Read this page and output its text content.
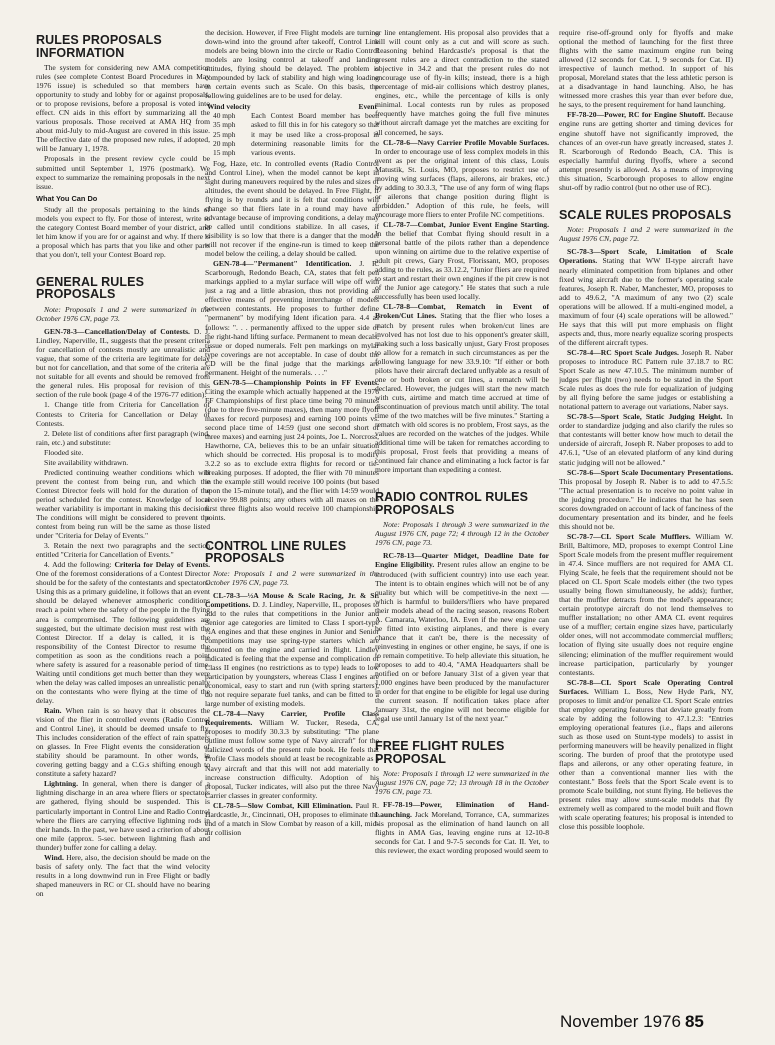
RULES PROPOSALS INFORMATION

The system for considering new AMA competition rules (see complete Contest Board Procedures in May 1976 issue) is scheduled so that members have opportunity to study and lobby for or against proposals, or to propose revisions, before a proposal is voted into effect. CN aids in this effort by summarizing all the various proposals. Those received at AMA HQ from about mid-July to mid-August are covered in this issue. The effective date of the proposed new rules, if adopted, will be January 1, 1978.

Proposals in the present review cycle could be submitted until September 1, 1976 (postmark). We expect to summarize the remaining proposals in the next issue.

What You Can Do

Study all the proposals pertaining to the kinds of models you expect to fly. For those of interest, write to the category Contest Board member of your district, and let him know if you are for or against and why. If there is a proposal which has parts that you like and other parts that you don't, tell your Contest Board rep.

GENERAL RULES PROPOSALS

Note: Proposals 1 and 2 were summarized in the October 1976 CN, page 73.

GEN-78-3—Cancellation/Delay of Contests. D. J. Lindley, Naperville, IL, suggests that the present criteria for cancellation of contests mostly are unrealistic and vague, that some of the criteria are legitimate for delay but not for cancellation, and that some of the criteria are not suitable for all events and should be removed from the general rules. His proposal for revision of this section of the rule book (page 4 of the 1976-77 edition):

1. Change title from Criteria for Cancellation of Contests to Criteria for Cancellation or Delay of Contests.

2. Delete list of conditions after first paragraph (wind, rain, etc.) and substitute:

Flooded site.

Site availability withdrawn.

Predicted continuing weather conditions which will prevent the contest from being run, and which the Contest Director feels will hold for the duration of the period scheduled for the contest. Knowledge of local weather variability is important in making this decision. The conditions will might be considered to prevent the contest from being run will be the same as those listed under "Criteria for Delay of Events."

3. Retain the next two paragraphs and the section entitled "Criteria for Cancellation of Events."

4. Add the following: Criteria for Delay of Events. One of the foremost considerations of a Contest Director should be for the safety of the contestants and spectators. Using this as a primary guideline, it follows that an event should be delayed whenever atmospheric conditions reach a point where the safety of the people in the flying area is compromised. The following guidelines are suggested, but the ultimate decision must rest with the Contest Director. If a delay is called, it is the responsibility of the Contest Director to resume the competition as soon as the conditions reach a point where safety is assured for a reasonable period of time. Waiting until conditions get much better than they were when the delay was called imposes an unrealistic penalty on the contestants who were flying at the time of the delay.

Rain. When rain is so heavy that it obscures the vision of the flier in controlled events (Radio Control and Control Line), it should be deemed unsafe to fly. This includes consideration of the effect of rain spatters on glasses. In Free Flight events the consideration of stability should be paramount. In other words, in covering getting baggy and a C.G.s shifting enough to constitute a safety hazard?

Lightning. In general, when there is danger of a lightning discharge in an area where fliers or spectators are gathered, flying should be suspended. This is particularly important in Control Line and Radio Control where the fliers are carrying effective lightning rods in their hands. In the past, we have used a criterion of about one mile (approx. 5-sec. between lightning flash and thunder) buffer zone for calling a delay.

Wind. Here, also, the decision should be made on the basis of safety only. The fact that the wind velocity results in a long downwind run in Free Flight or badly shaped maneuvers in RC or CL should have no bearing on

the decision. However, if Free Flight models are turning down-wind into the ground after takeoff, Control Line models are being blown into the circle or Radio Control models are losing control at takeoff and landing attitudes, flying should be delayed. The problem is compounded by lack of stability and high wing loading in certain events such as Scale. On this basis, the following guidelines are to be used for delay.

Wind velocity	Event
40 mph
35 mph
25 mph
20 mph
15 mph
Each Contest Board member has been asked to fill this in for his category so that it may be used like a cross-proposal in determining reasonable limits for the various events.

Fog, Haze, etc. In controlled events (Radio Control and Control Line), when the model cannot be kept in sight during maneuvers required by the rules and sizes of altitudes, the event should be delayed. In Free Flight, if flying is by rounds and it is felt that conditions will change so that fliers late in a round may have an advantage because of improving conditions, a delay may be called until conditions stabilize. In all cases, if visibility is so low that there is a danger that the model will not recover if the engine-run is timed to keep the model below the ceiling, a delay should be called.

GEN-78-4—"Permanent" Identification. J. R. Scarborough, Redondo Beach, CA, states that felt pen markings applied to a mylar surface will wipe off with just a rag and a little abrasion, thus not providing an effective means of preventing interchange of models between contestants. He proposes to further define "permanent" by modifying Ident ification para. 4.4 as follows: ". . . permanently affixed to the upper side of the right-hand lifting surface. Permanent to mean decals, tissue or doped numerals. Felt pen markings on mylar type coverings are not acceptable. In case of doubt the CD will be the final judge that the markings are permanent. Height of the numerals. . . ."

GEN-78-5—Championship Points in FF Events. Citing the example which actually happened at the 1976 FF Championships of first place time being 70 minutes (due to three five-minute maxes), then many more flyoff maxes for record purposes) and earning 100 points vs. second place time of 14:59 (just one second short of three maxes) and earning just 24 points, Joe L. Norcross, Hawthorne, CA, believes this to be an unfair situation which should be corrected. His proposal is to modify 3.2.2 so as to exclude extra flights for record or tie-breaking purposes. If adopted, the flier with 70 minutes in the example still would receive 100 points (but based upon the 15-minute total), and the flier with 14:59 would receive 99.88 points; any others with all maxes on the first three flights also would receive 100 championship points.

CONTROL LINE RULES PROPOSALS

Note: Proposals 1 and 2 were summarized in the October 1976 CN, page 73.

CL-78-3—½A Mouse & Scale Racing, Jr. & Sr. Competitions. D. J. Lindley, Naperville, IL, proposes to add to the rules that competitions in the Junior and Senior age categories are limited to Class I sport-type ½A engines and that these engines in Junior and Senior competitions may use spring-type starters which are mounted on the engine and carried in flight. Lindley indicated is feeling that the expense and complication of Class II engines (no restrictions as to type) leads to low participation by youngsters, whereas Class I engines are economical, easy to start and run (with spring starters), do not require separate fuel tanks, and can be fitted to a large number of existing models.

CL-78-4—Navy Carrier, Profile Class Requirements. William W. Tucker, Reseda, CA, proposes to modify 30.3.3 by substituting: "The plane outline must follow some type of Navy aircraft" for the italicized words of the present rule book. He feels that Profile Class models should at least be recognizable as a Navy aircraft and that this will not add materially to increase construction difficulty. Adoption of his proposal, Tucker indicates, will also put the three Navy Carrier classes in greater conformity.

CL-78-5—Slow Combat, Kill Elimination. Paul R. Hardcastle, Jr., Cincinnati, OH, proposes to eliminate the end of a match in Slow Combat by reason of a kill, mid-air collision

or line entanglement. His proposal also provides that a kill will count only as a cut and will score as such. Reasoning behind Hardcastle's proposal is that the present rules are a direct contradiction to the stated objective in 34.2 and that the present rules do not encourage use of fly-in kills; instead, there is a high percentage of mid-air collisions which destroy planes, engines, etc., while the percentage of kills is only minimal. Local contests run by rules as proposed frequently have matches going the full five minutes without aircraft damage yet the matches are exciting for all concerned, he says.

CL-78-6—Navy Carrier Profile Movable Surfaces. In order to encourage use of less complex models in this event as per the original intent of this class, Louis Matustik, St. Louis, MO, proposes to restrict use of moving wing surfaces (flaps, ailerons, air brakes, etc.) by adding to 30.3.3, "The use of any form of wing flaps or ailerons that change position during flight is forbidden." Adoption of this rule, he feels, will encourage more fliers to enter Profile NC competitions.

CL-78-7—Combat, Junior Event Engine Starting. In the belief that Combat flying should result in a personal battle of the pilots rather than a dependence upon winning on airtime due to the relative expertise of adult pit crews, Gary Frost, Florissant, MO, proposes adding to the rules, as 33.12.2, "Junior fliers are required to start and restart their own engines if the pit crew is not of the Junior age category." He states that such a rule successfully has been used locally.

CL-78-8—Combat, Rematch in Event of Broken/Cut Lines. Stating that the flier who loses a match by present rules when broken/cut lines are involved has not lost due to his opponent's greater skill, making such a loss basically unjust, Gary Frost proposes to allow for a rematch in such circumstances as per the following language for new 33.9.10: "If either or both pilots have their aircraft declared unflyable as a result of one or both broken or cut lines, a rematch will be declared. However, the judges will start the new match with cuts, airtime and match time accrued at time of discontinuation of previous match until ability. The total time of the two matches will be five minutes." Starting a rematch with old scores is no problem, Frost says, as the values are recorded on the watches of the judges. While additional time will be taken for rematches according to this proposal, Frost feels that providing a means of continued fair chance and eliminating a luck factor is far more important than expediting a contest.

RADIO CONTROL RULES PROPOSALS

Note: Proposals 1 through 3 were summarized in the August 1976 CN, page 72; 4 through 12 in the October 1976 CN, page 73.

RC-78-13—Quarter Midget, Deadline Date for Engine Eligibility. Present rules allow an engine to be introduced (with sufficient country) into use each year. The intent is to obtain engines which will not be of any quality but which will be competitive-in the next — which is harmful to builders/fliers who have prepared their models ahead of the racing season, reasons Robert A. Camarata, Waterloo, IA. Even if the new engine can be fitted into existing airplanes, and there is every chance that it can't be, there is the necessity of reinvesting in engines or other engine, he says, if one is to remain competitive. To help alleviate this situation, he proposes to add to 40.4, "AMA Headquarters shall be notified on or before January 31st of a given year that 1,000 engines have been produced by the manufacturer in order for that engine to be eligible for legal use during the current season. If notification takes place after January 31st, the engine will not become eligible for legal use until January 1st of the next year."

FREE FLIGHT RULES PROPOSAL

Note: Proposals 1 through 12 were summarized in the August 1976 CN, page 72; 13 through 18 in the October 1976 CN, page 73.

FF-78-19—Power, Elimination of Hand-Launching. Jack Moreland, Torrance, CA, summarizes his proposal as the elimination of hand launch on all flights in AMA Gas, leaving engine runs at 12-10-8 seconds for Cat. I and 9-7-5 seconds for Cat. II. Yet, to this reviewer, the exact wording proposed would seem to

require rise-off-ground only for flyoffs and make optional the method of launching for the first three flights with the same maximum engine run being allowed (12 seconds for Cat. I, 9 seconds for Cat. II) irrespective of launch method. In support of his proposal, Moreland states that the less athletic person is at a disadvantage in hand launching. Also, he has witnessed more crashes this year than ever before due, he says, to the present requirement for hand launching.

FF-78-20—Power, RC for Engine Shutoff. Because engine runs are getting shorter and timing devices for engine shutoff have not significantly improved, the chances of an over-run have greatly increased, states J. R. Scarborough of Redondo Beach, CA. This is especially harmful during flyoffs, where a second attempt presently is allowed. As a means of improving this situation, Scarborough proposes to allow engine shut-off by radio control (but no other use of RC).

SCALE RULES PROPOSALS

Note: Proposals 1 and 2 were summarized in the August 1976 CN, page 72.

SC-78-3—Sport Scale, Limitation of Scale Operations. Stating that WW II-type aircraft have nearly eliminated competition from biplanes and other fixed wing aircraft due to the former's operating scale features, Joseph R. Naber, Manchester, MO, proposes to add to 49.6.2, "A maximum of any two (2) scale operations will be allowed. If a multi-engined model, a maximum of four (4) scale operations will be allowed." He says that this will put more emphasis on flight aspects and, thus, more nearly equalize scoring prospects of the different aircraft types.

SC-78-4—RC Sport Scale Judges. Joseph R. Naber proposes to introduce RC Pattern rule 37.18.7 to RC Sport Scale as new 47.10.5. The minimum number of judges per flight (two) needs to be stated in the Sport Scale rules as does the rule for equalization of judging by all flying before the same judges or establishing a notational pattern to average out variations, Naber says.

SC-78-5—Sport Scale, Static Judging Height. In order to standardize judging and also clarify the rules so that contestants will better know how much to detail the underside of aircraft, Joseph R. Naber proposes to add to 47.6.1, "Use of an elevated platform of any kind during static judging will not be allowed."

SC-78-6—Sport Scale Documentary Presentations. This proposal by Joseph R. Naber is to add to 47.5.5: "The actual presentation is to receive no point value in the judging procedure." He indicates that he has seen scores downgraded on account of lack of fanciness of the documentary presentation and its binder, and he feels this should not be.

SC-78-7—CL Sport Scale Mufflers. William W. Brill, Baltimore, MD, proposes to exempt Control Line Sport Scale models from the present muffler requirement in 47.4. Since mufflers are not required for AMA CL Flying Scale, he feels that the requirement should not be placed on CL Sport Scale models either (the two types usually being flown simultaneously, he adds); further, that the muffler detracts from the model's appearance; certain prototype aircraft do not lend themselves to muffler installation; no other AMA CL event requires use of a muffler; certain engine sizes have, particularly older ones, will not accommodate commercial mufflers; location of flying site usually does not require engine silencing; elimination of the muffler requirement would increase participation, particularly by younger contestants.

SC-78-8—CL Sport Scale Operating Control Surfaces. William L. Boss, New Hyde Park, NY, proposes to limit and/or penalize CL Sport Scale entries that employ operating features that deviate greatly from scale by adding the following to 47.1.2.3: "Entries employing operational features (i.e., flaps and ailerons such as those used on Stunt-type models) to assist in performing maneuvers will be heavily penalized in flight scoring. The burden of proof that the prototype used flaps and ailerons, or any other operating feature, in other than a conventional manner lies with the contestant." Boss feels that the Sport Scale event is to promote Scale building, not stunt flying. He believes the present rules may allow stunt-scale models that fly extremely well as compared to the model built and flown with scale operating features; his proposal is intended to close this possible loophole.

November 1976 85
